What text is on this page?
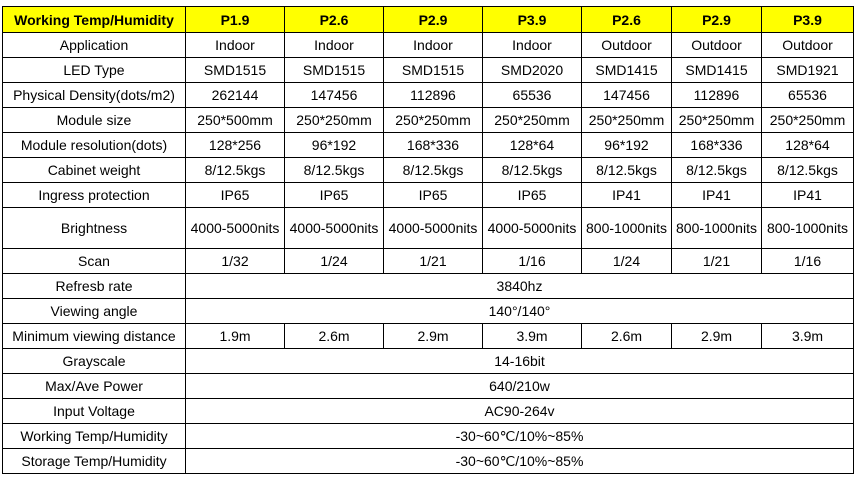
Working Temp/Humidity	P1.9	P2.6	P2.9	P3.9	P2.6	P2.9	P3.9
Application	Indoor	Indoor	Indoor	Indoor	Outdoor	Outdoor	Outdoor
LED Type	SMD1515	SMD1515	SMD1515	SMD2020	SMD1415	SMD1415	SMD1921
Physical Density(dots/m2)	262144	147456	112896	65536	147456	112896	65536
Module size	250*500mm	250*250mm	250*250mm	250*250mm	250*250mm	250*250mm	250*250mm
Module resolution(dots)	128*256	96*192	168*336	128*64	96*192	168*336	128*64
Cabinet weight	8/12.5kgs	8/12.5kgs	8/12.5kgs	8/12.5kgs	8/12.5kgs	8/12.5kgs	8/12.5kgs
Ingress protection	IP65	IP65	IP65	IP65	IP41	IP41	IP41
Brightness	4000-5000nits	4000-5000nits	4000-5000nits	4000-5000nits	800-1000nits	800-1000nits	800-1000nits
Scan	1/32	1/24	1/21	1/16	1/24	1/21	1/16
Refresb rate	3840hz						
Viewing angle	140°/140°						
Minimum viewing distance	1.9m	2.6m	2.9m	3.9m	2.6m	2.9m	3.9m
Grayscale	14-16bit						
Max/Ave Power	640/210w						
Input Voltage	AC90-264v						
Working Temp/Humidity	-30~60℃/10%~85%						
Storage Temp/Humidity	-30~60℃/10%~85%						
